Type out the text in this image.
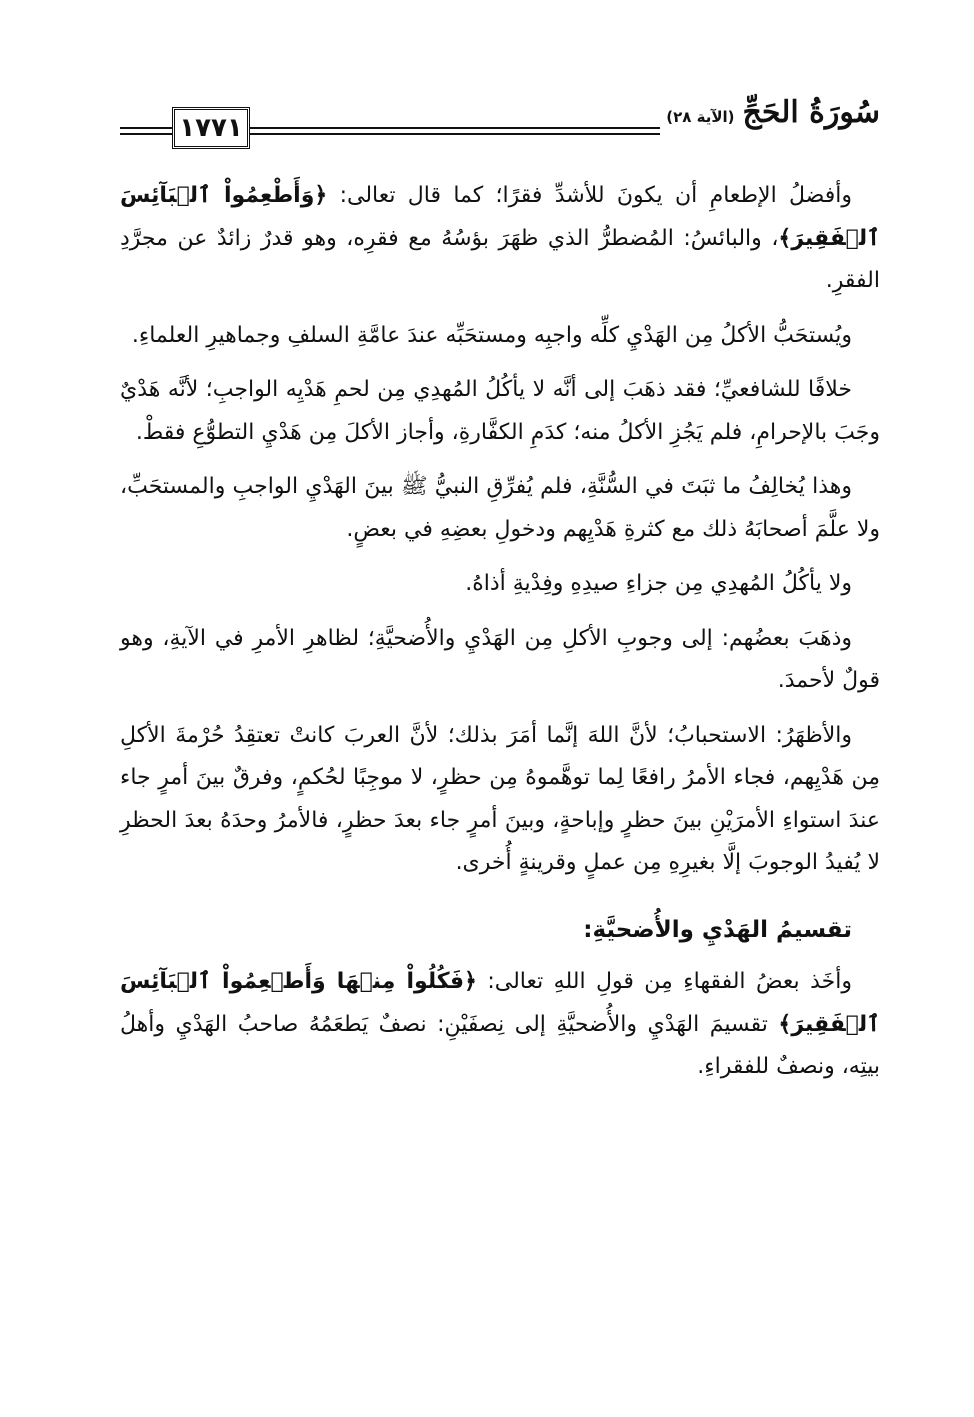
١٧٧١	سُورَةُ الحَجِّ
(الآية ٢٨)

وأفضلُ الإطعامِ أن يكونَ للأشدِّ فقرًا؛ كما قال تعالى: ﴿وَأَطْعِمُواْ ٱلۡبَآئِسَ ٱلۡفَقِيرَ﴾، والبائسُ: المُضطرُّ الذي ظهَرَ بؤسُهُ مع فقرِه، وهو قدرٌ زائدٌ عن مجرَّدِ الفقرِ.

ويُستحَبُّ الأكلُ مِن الهَدْيِ كلِّه واجبِه ومستحَبِّه عندَ عامَّةِ السلفِ وجماهيرِ العلماءِ.

خلافًا للشافعيِّ؛ فقد ذهَبَ إلى أنَّه لا يأكُلُ المُهدِي مِن لحمِ هَدْيِه الواجبِ؛ لأنَّه هَدْيٌ وجَبَ بالإحرامِ، فلم يَجُزِ الأكلُ منه؛ كدَمِ الكفَّارةِ، وأجاز الأكلَ مِن هَدْيِ التطوُّعِ فقطْ.

وهذا يُخالِفُ ما ثبَتَ في السُّنَّةِ، فلم يُفرِّقِ النبيُّ ﷺ بينَ الهَدْيِ الواجبِ والمستحَبِّ، ولا علَّمَ أصحابَهُ ذلك مع كثرةِ هَدْيِهم ودخولِ بعضِهِ في بعضٍ.

ولا يأكُلُ المُهدِي مِن جزاءِ صيدِهِ وفِدْيةِ أذاهُ.

وذهَبَ بعضُهم: إلى وجوبِ الأكلِ مِن الهَدْيِ والأُضحيَّةِ؛ لظاهرِ الأمرِ في الآيةِ، وهو قولٌ لأحمدَ.

والأظهَرُ: الاستحبابُ؛ لأنَّ اللهَ إنَّما أمَرَ بذلك؛ لأنَّ العربَ كانتْ تعتقِدُ حُرْمةَ الأكلِ مِن هَدْيِهم، فجاء الأمرُ رافعًا لِما توهَّموهُ مِن حظرٍ، لا موجِبًا لحُكمٍ، وفرقٌ بينَ أمرٍ جاء عندَ استواءِ الأمرَيْنِ بينَ حظرٍ وإباحةٍ، وبينَ أمرٍ جاء بعدَ حظرٍ، فالأمرُ وحدَهُ بعدَ الحظرِ لا يُفيدُ الوجوبَ إلَّا بغيرِهِ مِن عملٍ وقرينةٍ أُخرى.

تقسيمُ الهَدْيِ والأُضحيَّةِ:

وأخَذ بعضُ الفقهاءِ مِن قولِ اللهِ تعالى: ﴿فَكُلُواْ مِنۡهَا وَأَطۡعِمُواْ ٱلۡبَآئِسَ ٱلۡفَقِيرَ﴾ تقسيمَ الهَدْيِ والأُضحيَّةِ إلى نِصفَيْنِ: نصفٌ يَطعَمُهُ صاحبُ الهَدْيِ وأهلُ بيتِه، ونصفٌ للفقراءِ.
